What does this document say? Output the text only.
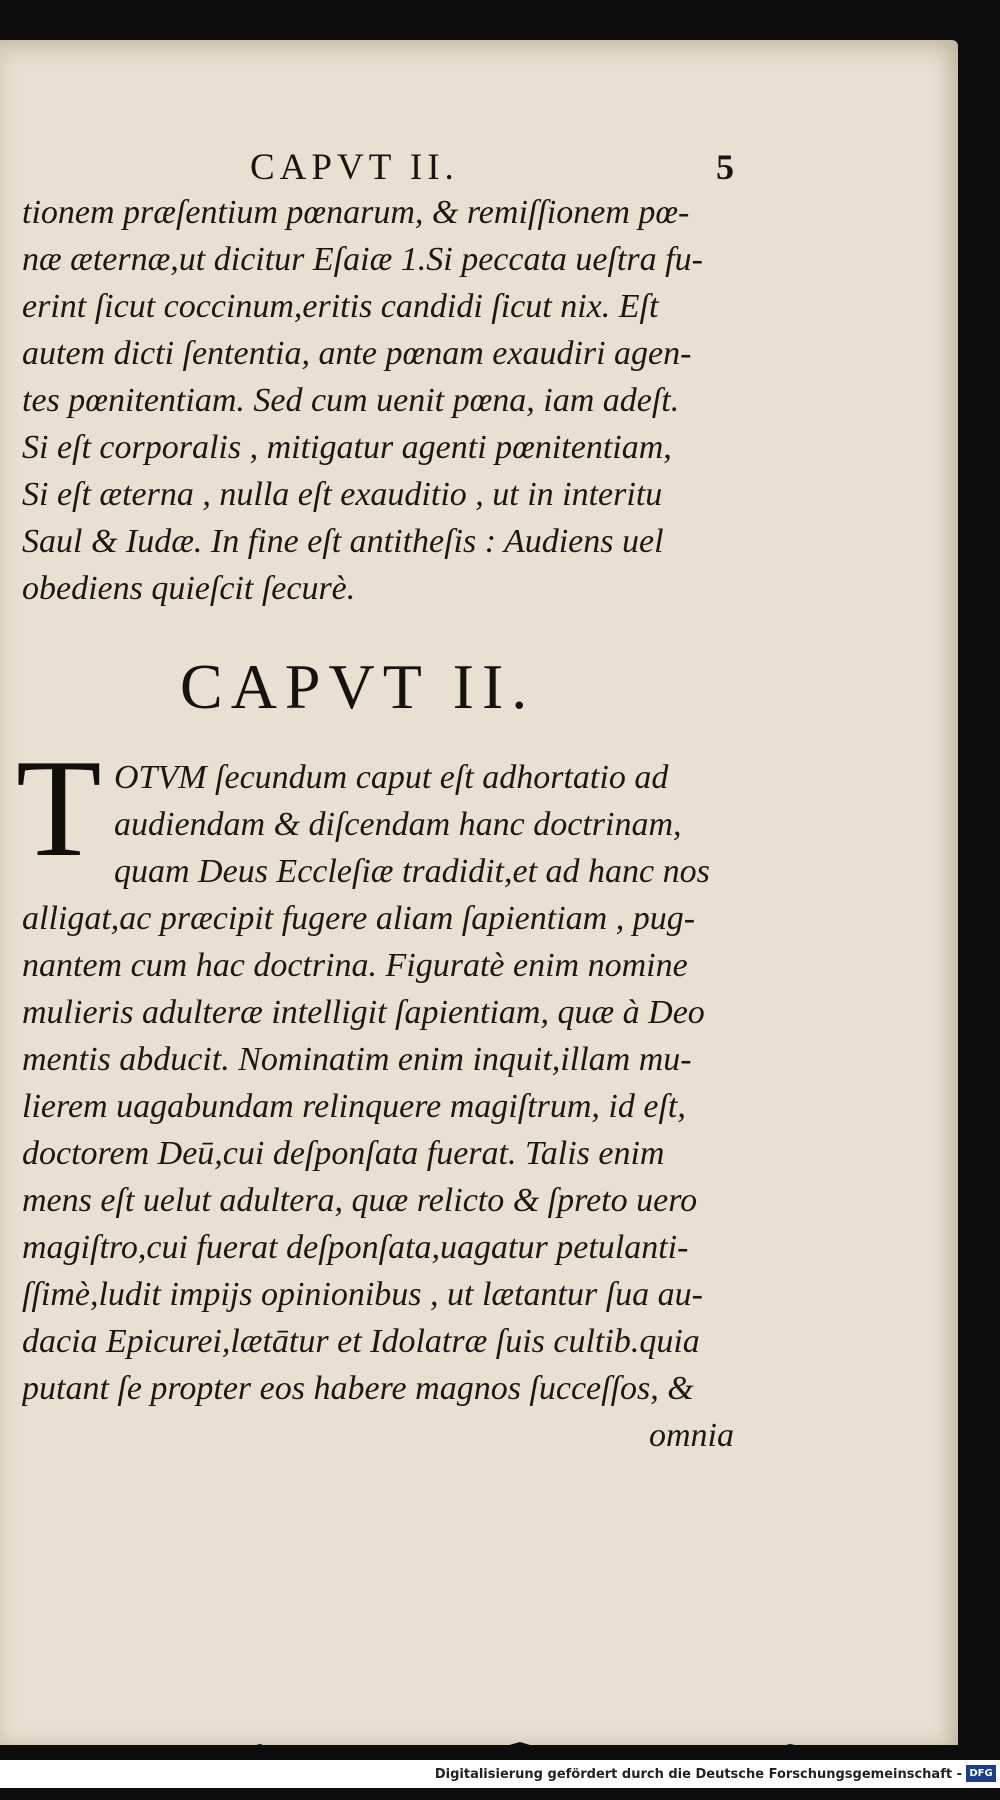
CAPVT II.	5
tionem præſentium pœnarum, & remiſſionem pœ-
næ æternæ,ut dicitur Eſaiæ 1.Si peccata ueſtra fu-
erint ſicut coccinum,eritis candidi ſicut nix. Eſt
autem dicti ſententia, ante pœnam exaudiri agen-
tes pœnitentiam. Sed cum uenit pœna, iam adeſt.
Si eſt corporalis , mitigatur agenti pœnitentiam,
Si eſt æterna , nulla eſt exauditio , ut in interitu
Saul & Iudæ. In fine eſt antitheſis : Audiens uel
obediens quieſcit ſecurè.
CAPVT II.
T OTVM ſecundum caput eſt adhortatio ad
audiendam & diſcendam hanc doctrinam,
quam Deus Eccleſiæ tradidit,et ad hanc nos
alligat,ac præcipit fugere aliam ſapientiam , pug-
nantem cum hac doctrina. Figuratè enim nomine
mulieris adulteræ intelligit ſapientiam, quæ à Deo
mentis abducit. Nominatim enim inquit,illam mu-
lierem uagabundam relinquere magiſtrum, id eſt,
doctorem Deū,cui deſponſata fuerat. Talis enim
mens eſt uelut adultera, quæ relicto & ſpreto uero
magiſtro,cui fuerat deſponſata,uagatur petulanti-
ſſimè,ludit impijs opinionibus , ut lætantur ſua au-
dacia Epicurei,lætātur et Idolatræ ſuis cultib.quia
putant ſe propter eos habere magnos ſucceſſos, &
omnia
Digitalisierung gefördert durch die Deutsche Forschungsgemeinschaft - DFG
